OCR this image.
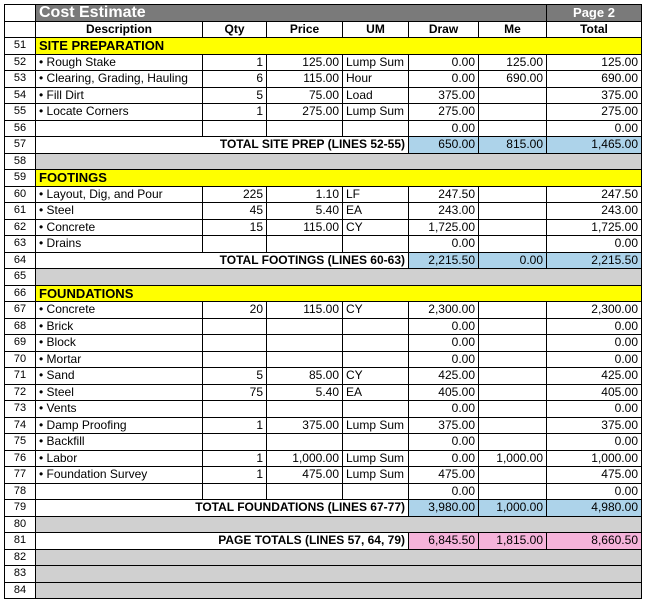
	Cost Estimate						Page 2
	Description	Qty	Price	UM	Draw	Me	Total
51	SITE PREPARATION						
52	• Rough Stake	1	125.00	Lump Sum	0.00	125.00	125.00
53	• Clearing, Grading, Hauling	6	115.00	Hour	0.00	690.00	690.00
54	• Fill Dirt	5	75.00	Load	375.00		375.00
55	• Locate Corners	1	275.00	Lump Sum	275.00		275.00
56					0.00		0.00
57	TOTAL SITE PREP (LINES 52-55)				650.00	815.00	1,465.00
58							
59	FOOTINGS						
60	• Layout, Dig, and Pour	225	1.10	LF	247.50		247.50
61	• Steel	45	5.40	EA	243.00		243.00
62	• Concrete	15	115.00	CY	1,725.00		1,725.00
63	• Drains				0.00		0.00
64	TOTAL FOOTINGS (LINES 60-63)				2,215.50	0.00	2,215.50
65							
66	FOUNDATIONS						
67	• Concrete	20	115.00	CY	2,300.00		2,300.00
68	• Brick				0.00		0.00
69	• Block				0.00		0.00
70	• Mortar				0.00		0.00
71	• Sand	5	85.00	CY	425.00		425.00
72	• Steel	75	5.40	EA	405.00		405.00
73	• Vents				0.00		0.00
74	• Damp Proofing	1	375.00	Lump Sum	375.00		375.00
75	• Backfill				0.00		0.00
76	• Labor	1	1,000.00	Lump Sum	0.00	1,000.00	1,000.00
77	• Foundation Survey	1	475.00	Lump Sum	475.00		475.00
78					0.00		0.00
79	TOTAL FOUNDATIONS (LINES 67-77)				3,980.00	1,000.00	4,980.00
80							
81	PAGE TOTALS (LINES 57, 64, 79)				6,845.50	1,815.00	8,660.50
82							
83							
84							
